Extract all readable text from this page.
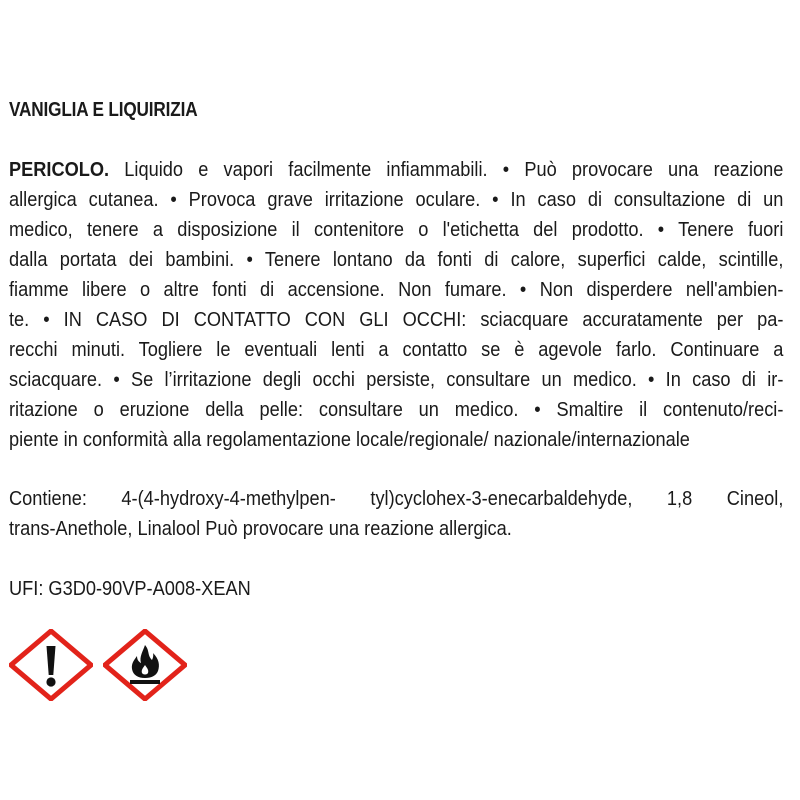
VANIGLIA E LIQUIRIZIA
PERICOLO. Liquido e vapori facilmente infiammabili. • Può provocare una reazione
allergica cutanea. • Provoca grave irritazione oculare. • In caso di consultazione di un
medico, tenere a disposizione il contenitore o l'etichetta del prodotto. • Tenere fuori
dalla portata dei bambini. • Tenere lontano da fonti di calore, superfici calde, scintille,
fiamme libere o altre fonti di accensione. Non fumare. • Non disperdere nell'ambien-
te. • IN CASO DI CONTATTO CON GLI OCCHI: sciacquare accuratamente per pa-
recchi minuti. Togliere le eventuali lenti a contatto se è agevole farlo. Continuare a
sciacquare. • Se l’irritazione degli occhi persiste, consultare un medico. • In caso di ir-
ritazione o eruzione della pelle: consultare un medico. • Smaltire il contenuto/reci-
piente in conformità alla regolamentazione locale/regionale/ nazionale/internazionale
Contiene: 4-(4-hydroxy-4-methylpen- tyl)cyclohex-3-enecarbaldehyde, 1,8 Cineol,
trans-Anethole, Linalool Può provocare una reazione allergica.
UFI: G3D0-90VP-A008-XEAN
